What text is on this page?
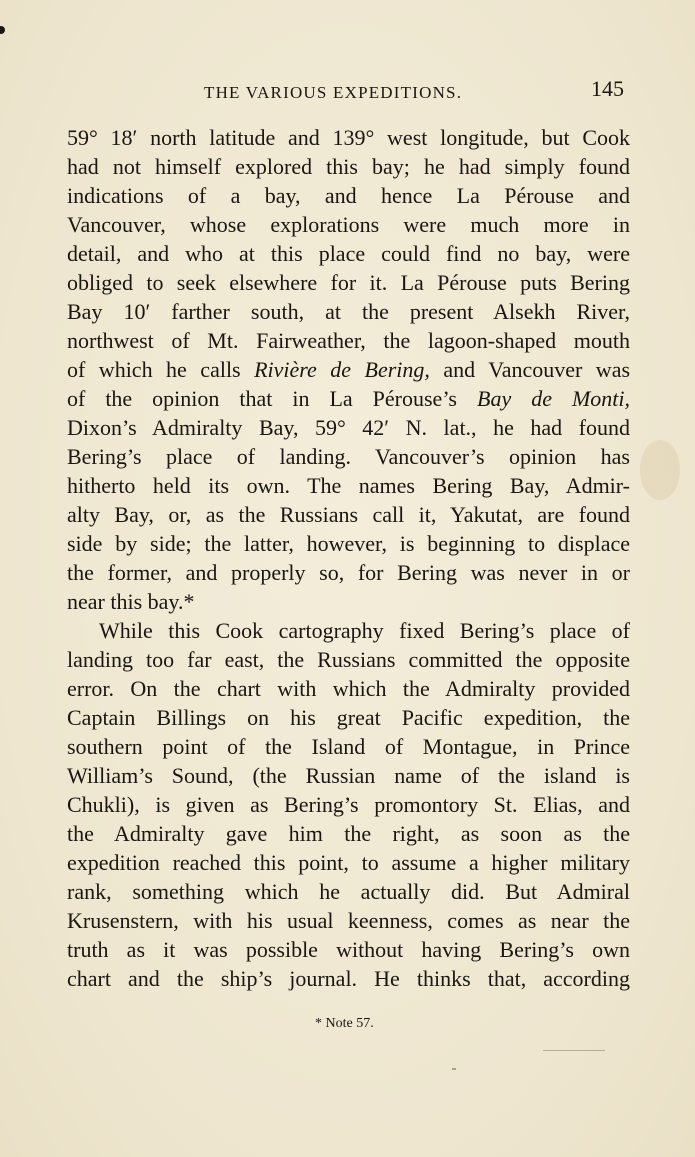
THE VARIOUS EXPEDITIONS.	145
59° 18′ north latitude and 139° west longitude, but Cook
had not himself explored this bay; he had simply found
indications of a bay, and hence La Pérouse and
Vancouver, whose explorations were much more in
detail, and who at this place could find no bay, were
obliged to seek elsewhere for it. La Pérouse puts Bering
Bay 10′ farther south, at the present Alsekh River,
northwest of Mt. Fairweather, the lagoon-shaped mouth
of which he calls Rivière de Bering, and Vancouver was
of the opinion that in La Pérouse’s Bay de Monti,
Dixon’s Admiralty Bay, 59° 42′ N. lat., he had found
Bering’s place of landing. Vancouver’s opinion has
hitherto held its own. The names Bering Bay, Admir-
alty Bay, or, as the Russians call it, Yakutat, are found
side by side; the latter, however, is beginning to displace
the former, and properly so, for Bering was never in or
near this bay.*
While this Cook cartography fixed Bering’s place of
landing too far east, the Russians committed the opposite
error. On the chart with which the Admiralty provided
Captain Billings on his great Pacific expedition, the
southern point of the Island of Montague, in Prince
William’s Sound, (the Russian name of the island is
Chukli), is given as Bering’s promontory St. Elias, and
the Admiralty gave him the right, as soon as the
expedition reached this point, to assume a higher military
rank, something which he actually did. But Admiral
Krusenstern, with his usual keenness, comes as near the
truth as it was possible without having Bering’s own
chart and the ship’s journal. He thinks that, according
* Note 57.
